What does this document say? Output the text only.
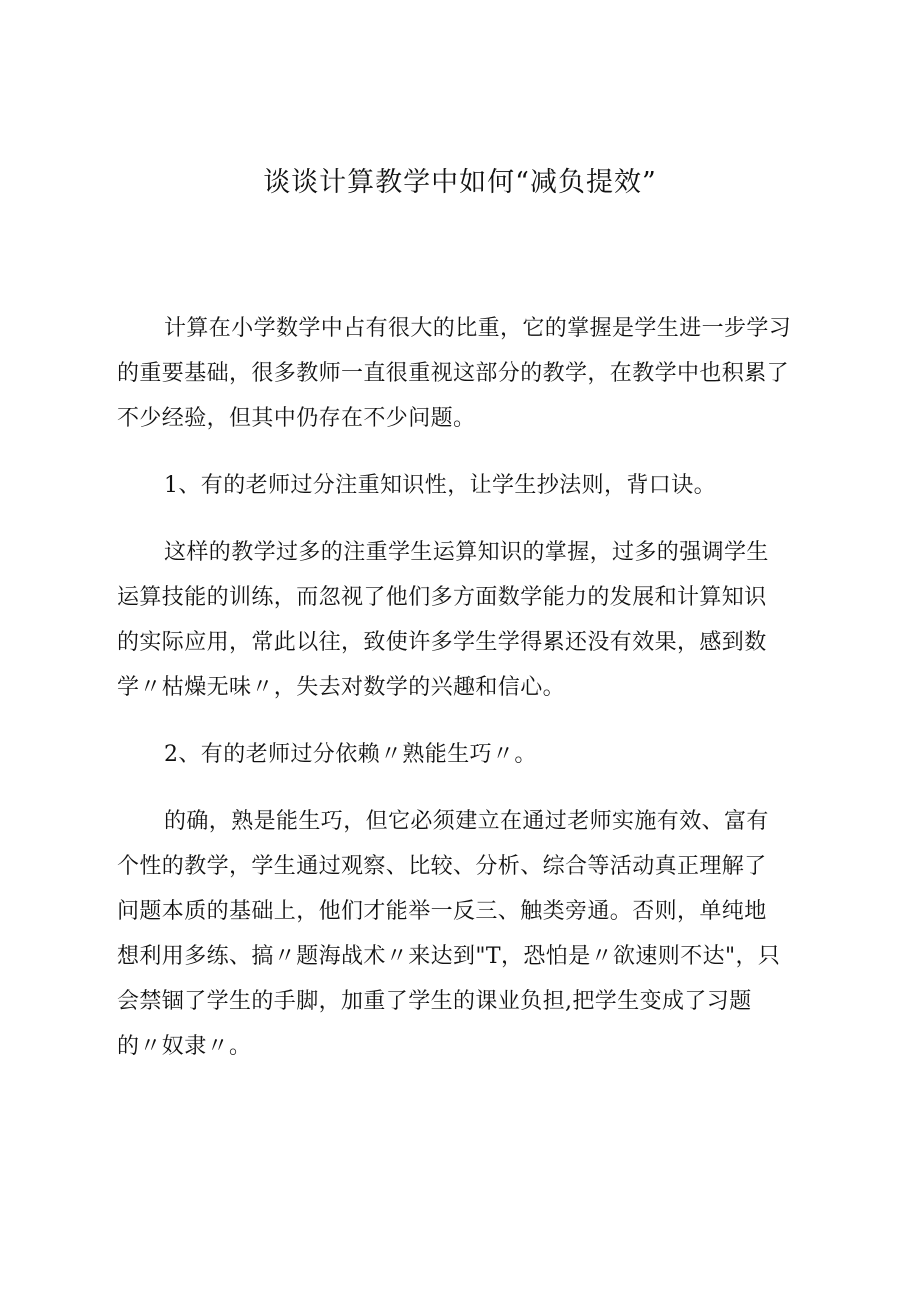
谈谈计算教学中如何“减负提效”
计算在小学数学中占有很大的比重，它的掌握是学生进一步学习
的重要基础，很多教师一直很重视这部分的教学，在教学中也积累了
不少经验，但其中仍存在不少问题。
1、有的老师过分注重知识性，让学生抄法则，背口诀。
这样的教学过多的注重学生运算知识的掌握，过多的强调学生
运算技能的训练，而忽视了他们多方面数学能力的发展和计算知识
的实际应用，常此以往，致使许多学生学得累还没有效果，感到数
学〃枯燥无味〃，失去对数学的兴趣和信心。
2、有的老师过分依赖〃熟能生巧〃。
的确，熟是能生巧，但它必须建立在通过老师实施有效、富有
个性的教学，学生通过观察、比较、分析、综合等活动真正理解了
问题本质的基础上，他们才能举一反三、触类旁通。否则，单纯地
想利用多练、搞〃题海战术〃来达到"T，恐怕是〃欲速则不达"，只
会禁锢了学生的手脚，加重了学生的课业负担,把学生变成了习题
的〃奴隶〃。
